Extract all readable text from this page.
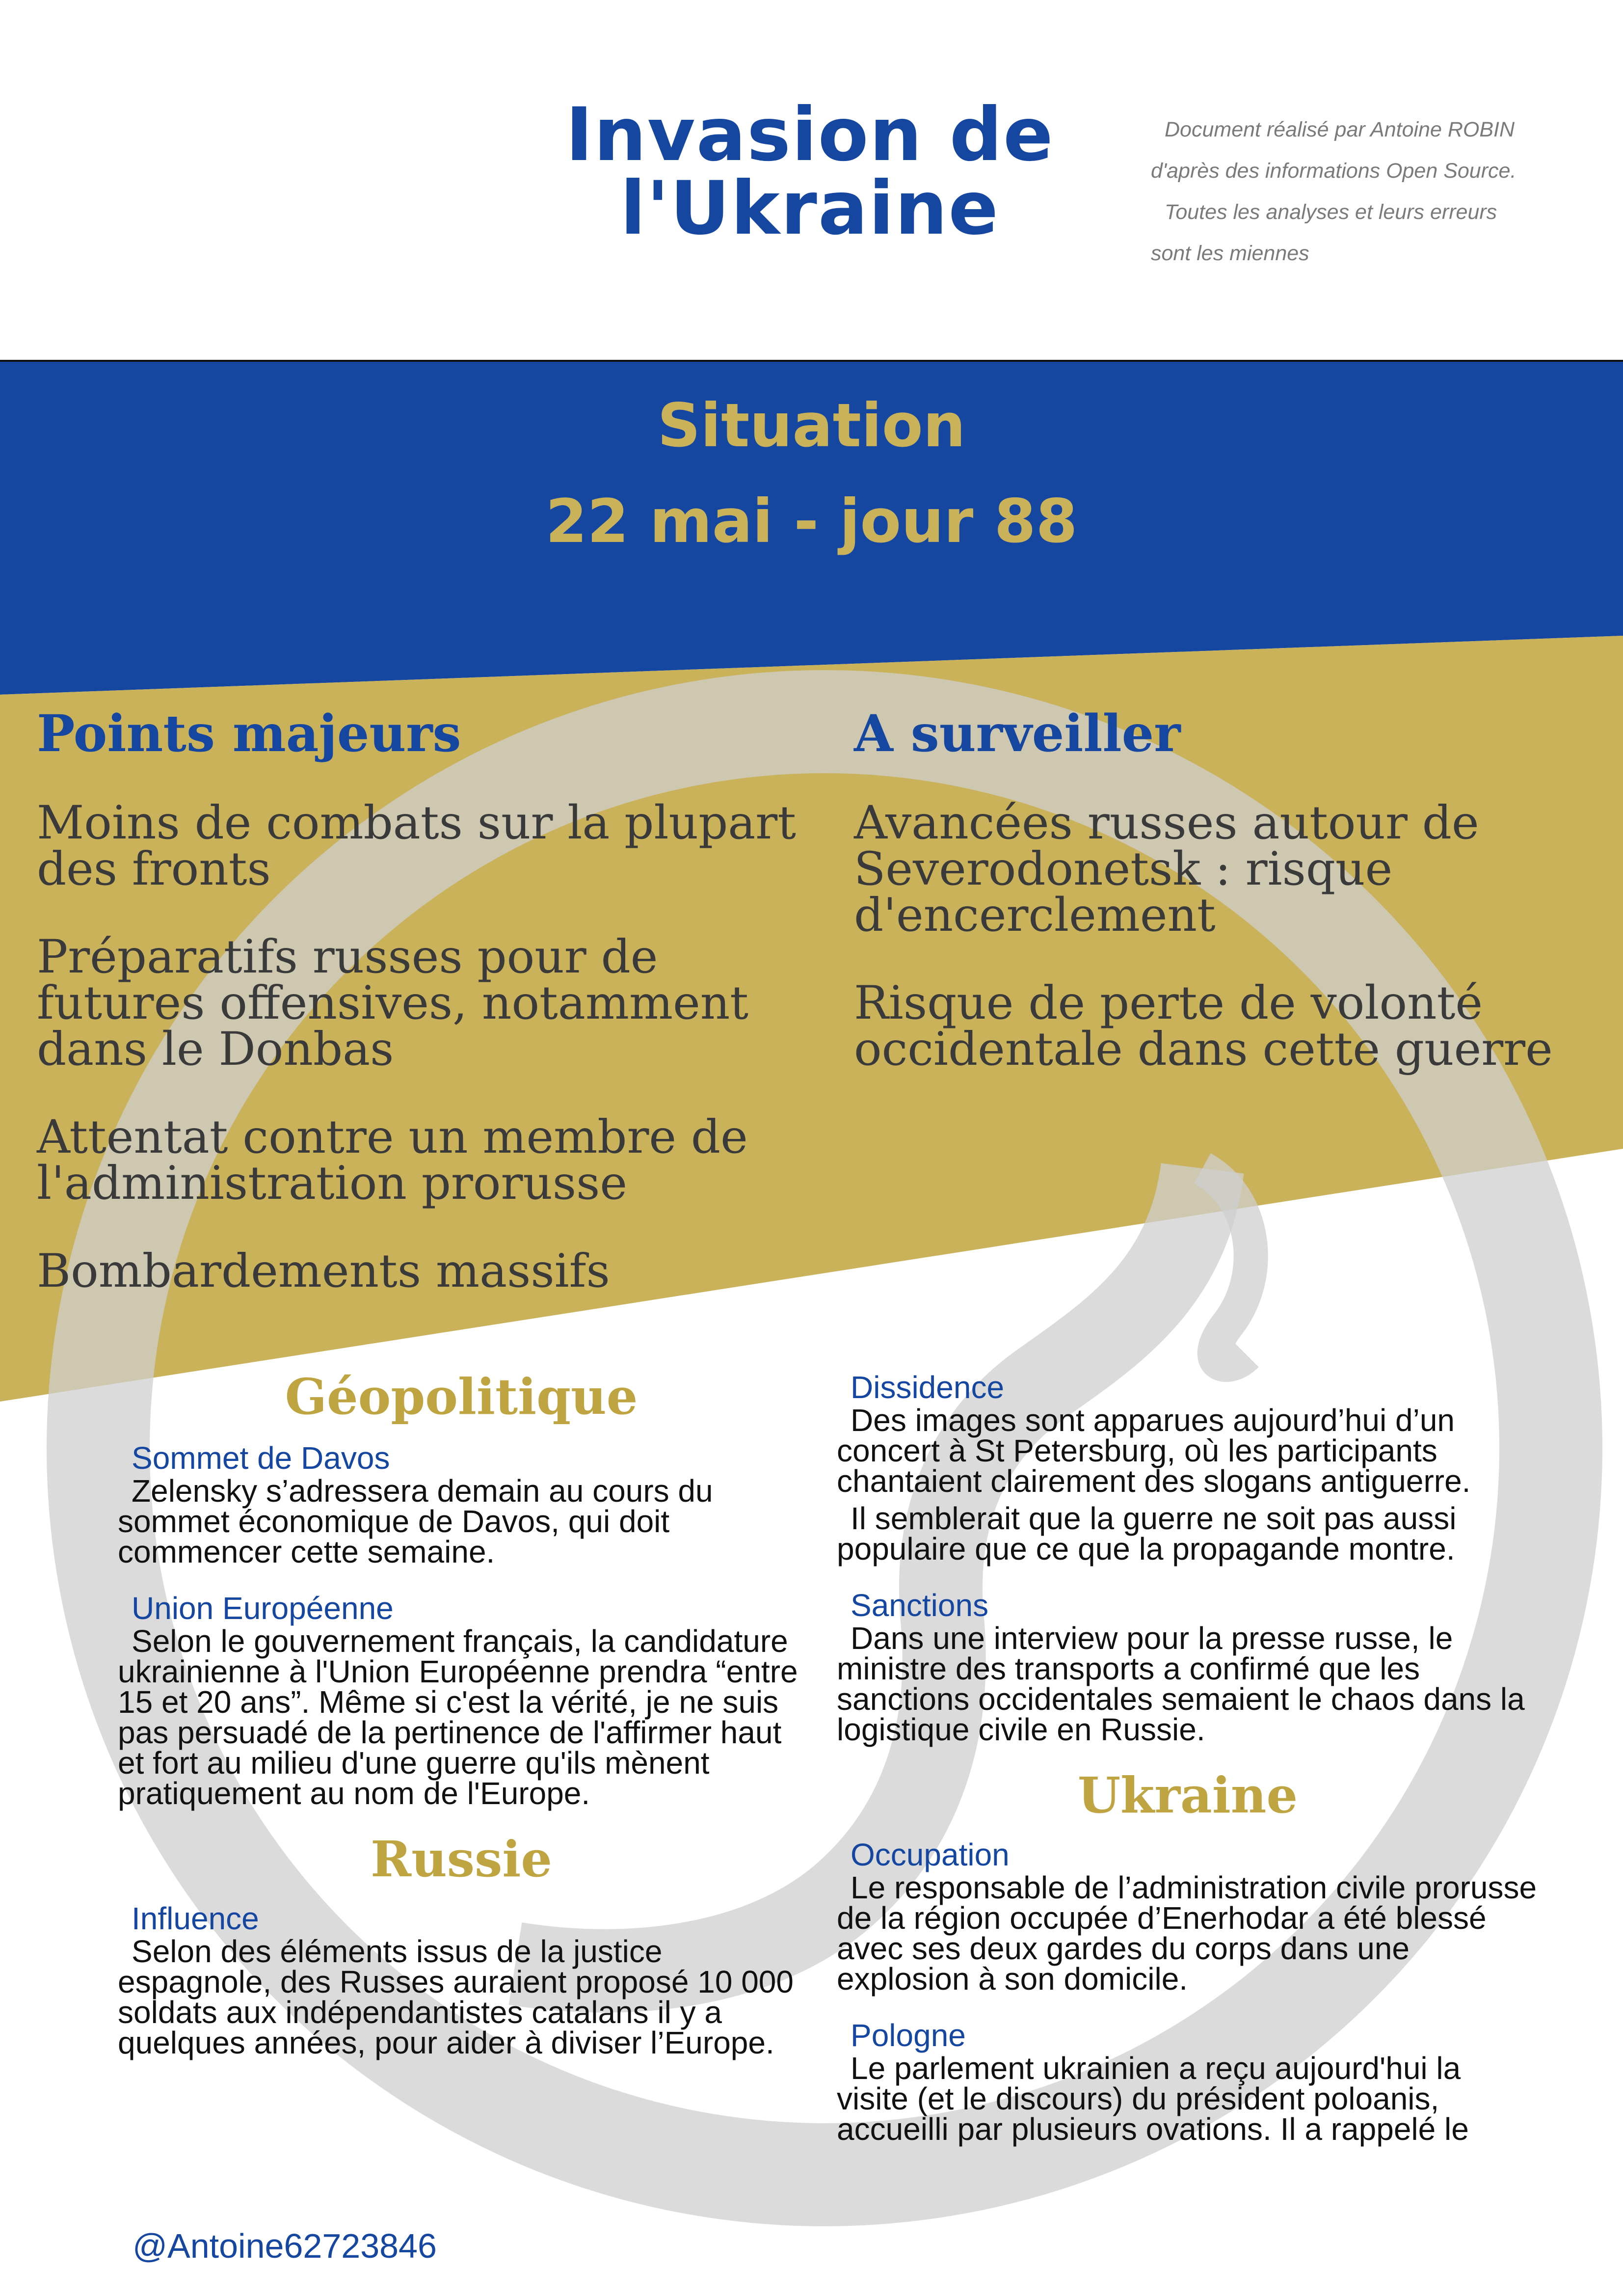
Invasion de
l'Ukraine

Document réalisé par Antoine ROBIN d'après des informations Open Source.

Toutes les analyses et leurs erreurs sont les miennes

Situation
22 mai - jour 88
Points majeurs
Moins de combats sur la plupart des fronts
Préparatifs russes pour de futures offensives, notamment dans le Donbas
Attentat contre un membre de l'administration prorusse
Bombardements massifs
A surveiller
Avancées russes autour de Severodonetsk : risque d'encerclement
Risque de perte de volonté occidentale dans cette guerre
Géopolitique

Sommet de Davos

Zelensky s’adressera demain au cours du sommet économique de Davos, qui doit commencer cette semaine.

Union Européenne

Selon le gouvernement français, la candidature ukrainienne à l'Union Européenne prendra “entre 15 et 20 ans”. Même si c'est la vérité, je ne suis pas persuadé de la pertinence de l'affirmer haut et fort au milieu d'une guerre qu'ils mènent pratiquement au nom de l'Europe.

Russie

Influence

Selon des éléments issus de la justice espagnole, des Russes auraient proposé 10 000 soldats aux indépendantistes catalans il y a quelques années, pour aider à diviser l’Europe.

Dissidence

Des images sont apparues aujourd’hui d’un concert à St Petersburg, où les participants chantaient clairement des slogans antiguerre.

Il semblerait que la guerre ne soit pas aussi populaire que ce que la propagande montre.

Sanctions

Dans une interview pour la presse russe, le ministre des transports a confirmé que les sanctions occidentales semaient le chaos dans la logistique civile en Russie.

Ukraine

Occupation

Le responsable de l’administration civile prorusse de la région occupée d’Enerhodar a été blessé avec ses deux gardes du corps dans une explosion à son domicile.

Pologne

Le parlement ukrainien a reçu aujourd'hui la visite (et le discours) du président poloanis, accueilli par plusieurs ovations. Il a rappelé le

@Antoine62723846
